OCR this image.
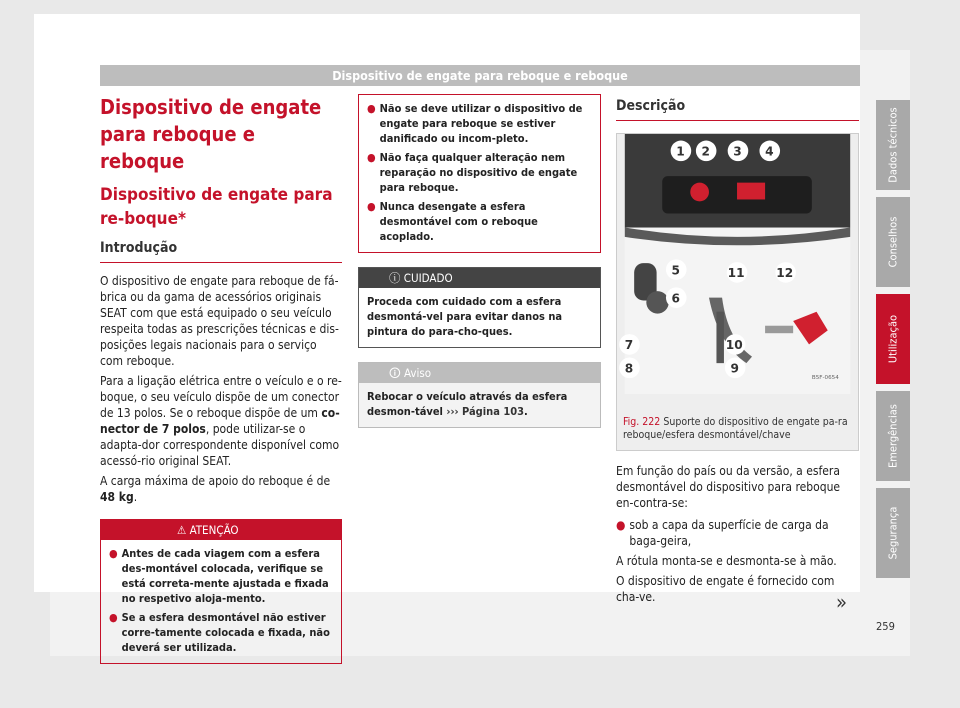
Dispositivo de engate para reboque e reboque
Dispositivo de engate para reboque e reboque
Dispositivo de engate para re-boque*
Introdução

O dispositivo de engate para reboque de fá-brica ou da gama de acessórios originais SEAT com que está equipado o seu veículo respeita todas as prescrições técnicas e dis-posições legais nacionais para o serviço com reboque.

Para a ligação elétrica entre o veículo e o re-boque, o seu veículo dispõe de um conector de 13 polos. Se o reboque dispõe de um co-nector de 7 polos, pode utilizar-se o adapta-dor correspondente disponível como acessó-rio original SEAT.

A carga máxima de apoio do reboque é de 48 kg.

⚠ ATENÇÃO
● Antes de cada viagem com a esfera des-montável colocada, verifique se está correta-mente ajustada e fixada no respetivo aloja-mento.
● Se a esfera desmontável não estiver corre-tamente colocada e fixada, não deverá ser utilizada.
● Não se deve utilizar o dispositivo de engate para reboque se estiver danificado ou incom-pleto.
● Não faça qualquer alteração nem reparação no dispositivo de engate para reboque.
● Nunca desengate a esfera desmontável com o reboque acoplado.
ⓘ CUIDADO
Proceda com cuidado com a esfera desmontá-vel para evitar danos na pintura do para-cho-ques.
🛈 Aviso
Rebocar o veículo através da esfera desmon-tável ››› Página 103.
Descrição
B5F-0654
1 2 3 4
5
6
7
8	9
10
11 12
Fig. 222 Suporte do dispositivo de engate pa-ra reboque/esfera desmontável/chave

Em função do país ou da versão, a esfera desmontável do dispositivo para reboque en-contra-se:

● sob a capa da superfície de carga da baga-geira,

A rótula monta-se e desmonta-se à mão.

O dispositivo de engate é fornecido com cha-ve.

Dados técnicos
Conselhos
Utilização
Emergências
Segurança
»
259
